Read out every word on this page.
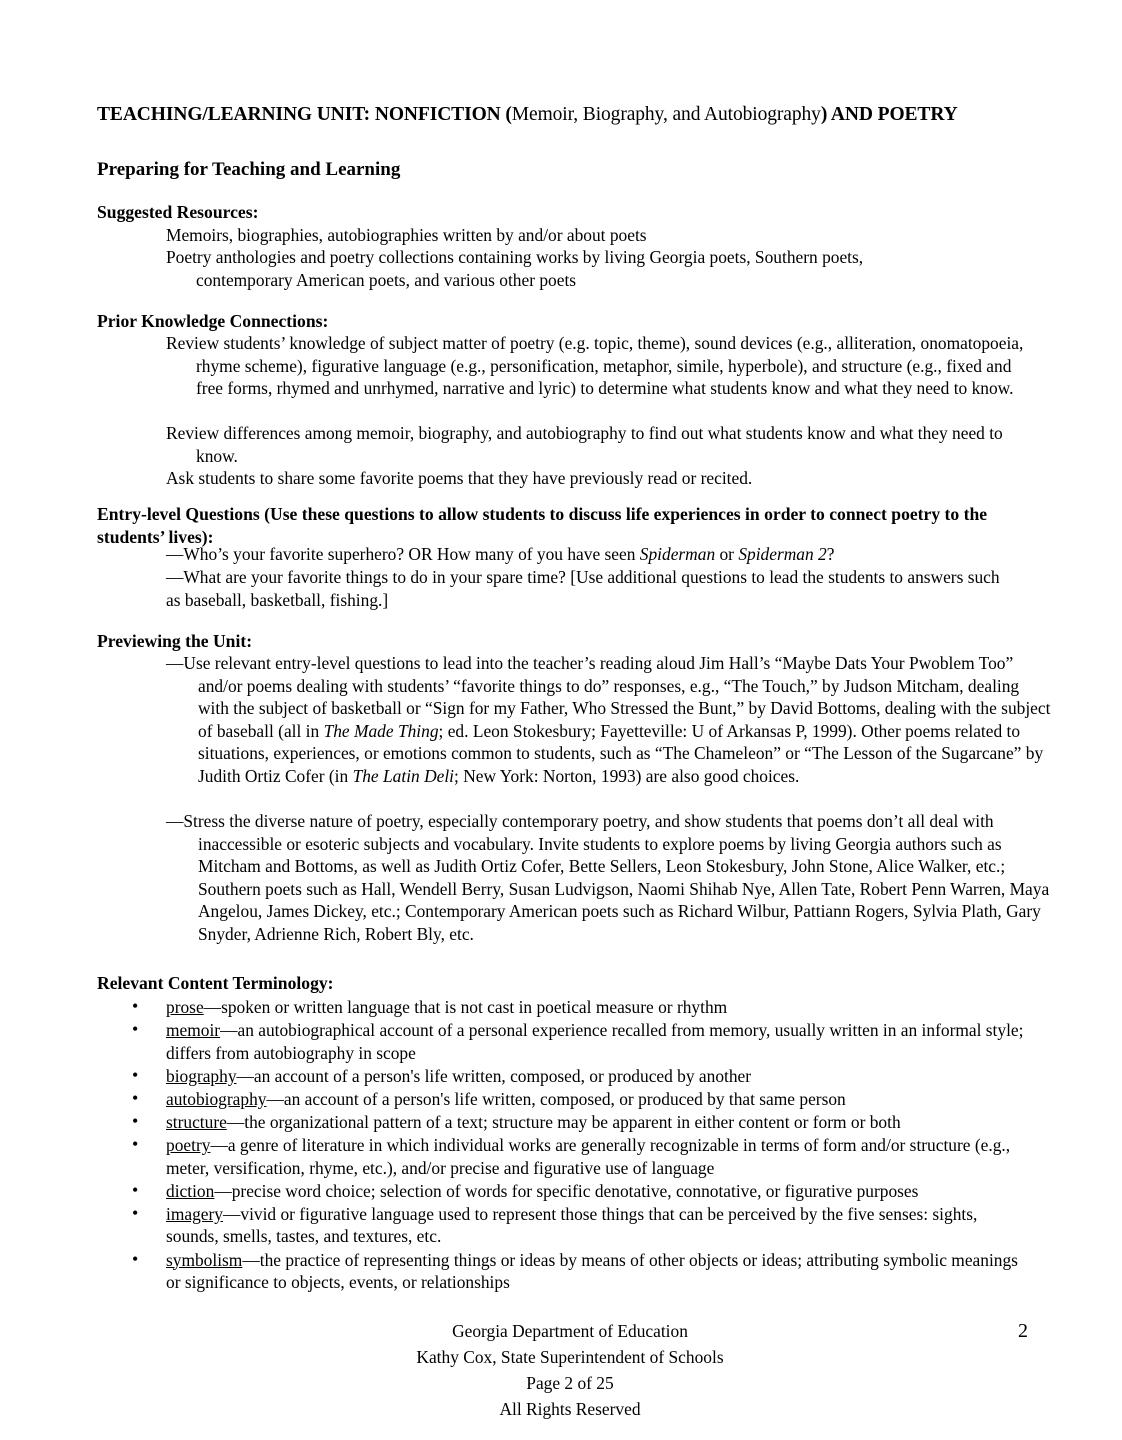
TEACHING/LEARNING UNIT: NONFICTION (Memoir, Biography, and Autobiography) AND POETRY
Preparing for Teaching and Learning
Suggested Resources:
Memoirs, biographies, autobiographies written by and/or about poets
Poetry anthologies and poetry collections containing works by living Georgia poets, Southern poets, contemporary American poets, and various other poets
Prior Knowledge Connections:
Review students’ knowledge of subject matter of poetry (e.g. topic, theme), sound devices (e.g., alliteration, onomatopoeia, rhyme scheme), figurative language (e.g., personification, metaphor, simile, hyperbole), and structure (e.g., fixed and free forms, rhymed and unrhymed, narrative and lyric) to determine what students know and what they need to know.
Review differences among memoir, biography, and autobiography to find out what students know and what they need to know.
Ask students to share some favorite poems that they have previously read or recited.
Entry-level Questions (Use these questions to allow students to discuss life experiences in order to connect poetry to the students’ lives):
—Who’s your favorite superhero? OR How many of you have seen Spiderman or Spiderman 2?
—What are your favorite things to do in your spare time? [Use additional questions to lead the students to answers such as baseball, basketball, fishing.]
Previewing the Unit:
—Use relevant entry-level questions to lead into the teacher’s reading aloud Jim Hall’s “Maybe Dats Your Pwoblem Too” and/or poems dealing with students’ “favorite things to do” responses, e.g., “The Touch,” by Judson Mitcham, dealing with the subject of basketball or “Sign for my Father, Who Stressed the Bunt,” by David Bottoms, dealing with the subject of baseball (all in The Made Thing; ed. Leon Stokesbury; Fayetteville: U of Arkansas P, 1999). Other poems related to situations, experiences, or emotions common to students, such as “The Chameleon” or “The Lesson of the Sugarcane” by Judith Ortiz Cofer (in The Latin Deli; New York: Norton, 1993) are also good choices.
—Stress the diverse nature of poetry, especially contemporary poetry, and show students that poems don’t all deal with inaccessible or esoteric subjects and vocabulary. Invite students to explore poems by living Georgia authors such as Mitcham and Bottoms, as well as Judith Ortiz Cofer, Bette Sellers, Leon Stokesbury, John Stone, Alice Walker, etc.; Southern poets such as Hall, Wendell Berry, Susan Ludvigson, Naomi Shihab Nye, Allen Tate, Robert Penn Warren, Maya Angelou, James Dickey, etc.; Contemporary American poets such as Richard Wilbur, Pattiann Rogers, Sylvia Plath, Gary Snyder, Adrienne Rich, Robert Bly, etc.
Relevant Content Terminology:
• prose—spoken or written language that is not cast in poetical measure or rhythm
• memoir—an autobiographical account of a personal experience recalled from memory, usually written in an informal style; differs from autobiography in scope
• biography—an account of a person's life written, composed, or produced by another
• autobiography—an account of a person's life written, composed, or produced by that same person
• structure—the organizational pattern of a text; structure may be apparent in either content or form or both
• poetry—a genre of literature in which individual works are generally recognizable in terms of form and/or structure (e.g., meter, versification, rhyme, etc.), and/or precise and figurative use of language
• diction—precise word choice; selection of words for specific denotative, connotative, or figurative purposes
• imagery—vivid or figurative language used to represent those things that can be perceived by the five senses: sights, sounds, smells, tastes, and textures, etc.
• symbolism—the practice of representing things or ideas by means of other objects or ideas; attributing symbolic meanings or significance to objects, events, or relationships
Georgia Department of Education
Kathy Cox, State Superintendent of Schools
Page 2 of 25
All Rights Reserved
2
